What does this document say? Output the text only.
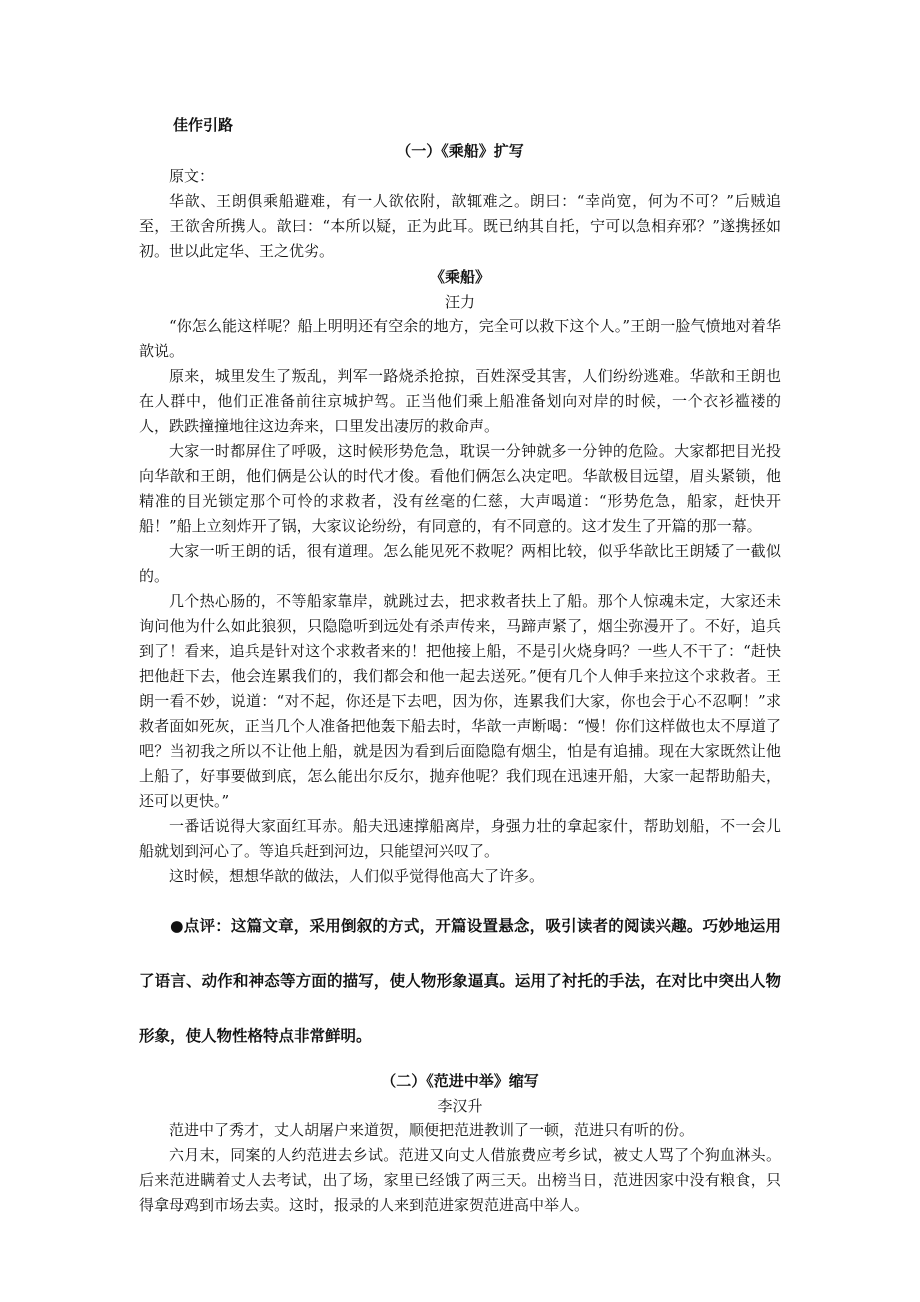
佳作引路
（一）《乘船》扩写

原文：

华歆、王朗俱乘船避难，有一人欲依附，歆辄难之。朗曰：“幸尚宽，何为不可？”后贼追至，王欲舍所携人。歆曰：“本所以疑，正为此耳。既已纳其自托，宁可以急相弃邪？”遂携拯如初。世以此定华、王之优劣。

《乘船》
汪力

“你怎么能这样呢？船上明明还有空余的地方，完全可以救下这个人。”王朗一脸气愤地对着华歆说。

原来，城里发生了叛乱，判军一路烧杀抢掠，百姓深受其害，人们纷纷逃难。华歆和王朗也在人群中，他们正准备前往京城护驾。正当他们乘上船准备划向对岸的时候，一个衣衫褴褛的人，跌跌撞撞地往这边奔来，口里发出凄厉的救命声。

大家一时都屏住了呼吸，这时候形势危急，耽误一分钟就多一分钟的危险。大家都把目光投向华歆和王朗，他们俩是公认的时代才俊。看他们俩怎么决定吧。华歆极目远望，眉头紧锁，他精准的目光锁定那个可怜的求救者，没有丝毫的仁慈，大声喝道：“形势危急，船家，赶快开船！”船上立刻炸开了锅，大家议论纷纷，有同意的，有不同意的。这才发生了开篇的那一幕。

大家一听王朗的话，很有道理。怎么能见死不救呢？两相比较，似乎华歆比王朗矮了一截似的。

几个热心肠的，不等船家靠岸，就跳过去，把求救者扶上了船。那个人惊魂未定，大家还未询问他为什么如此狼狈，只隐隐听到远处有杀声传来，马蹄声紧了，烟尘弥漫开了。不好，追兵到了！看来，追兵是针对这个求救者来的！把他接上船，不是引火烧身吗？一些人不干了：“赶快把他赶下去，他会连累我们的，我们都会和他一起去送死。”便有几个人伸手来拉这个求救者。王朗一看不妙，说道：“对不起，你还是下去吧，因为你，连累我们大家，你也会于心不忍啊！”求救者面如死灰，正当几个人准备把他轰下船去时，华歆一声断喝：“慢！你们这样做也太不厚道了吧？当初我之所以不让他上船，就是因为看到后面隐隐有烟尘，怕是有追捕。现在大家既然让他上船了，好事要做到底，怎么能出尔反尔，抛弃他呢？我们现在迅速开船，大家一起帮助船夫，还可以更快。”

一番话说得大家面红耳赤。船夫迅速撑船离岸，身强力壮的拿起家什，帮助划船，不一会儿船就划到河心了。等追兵赶到河边，只能望河兴叹了。

这时候，想想华歆的做法，人们似乎觉得他高大了许多。

●点评：这篇文章，采用倒叙的方式，开篇设置悬念，吸引读者的阅读兴趣。巧妙地运用了语言、动作和神态等方面的描写，使人物形象逼真。运用了衬托的手法，在对比中突出人物形象，使人物性格特点非常鲜明。
（二）《范进中举》缩写
李汉升

范进中了秀才，丈人胡屠户来道贺，顺便把范进教训了一顿，范进只有听的份。

六月末，同案的人约范进去乡试。范进又向丈人借旅费应考乡试，被丈人骂了个狗血淋头。后来范进瞒着丈人去考试，出了场，家里已经饿了两三天。出榜当日，范进因家中没有粮食，只得拿母鸡到市场去卖。这时，报录的人来到范进家贺范进高中举人。
